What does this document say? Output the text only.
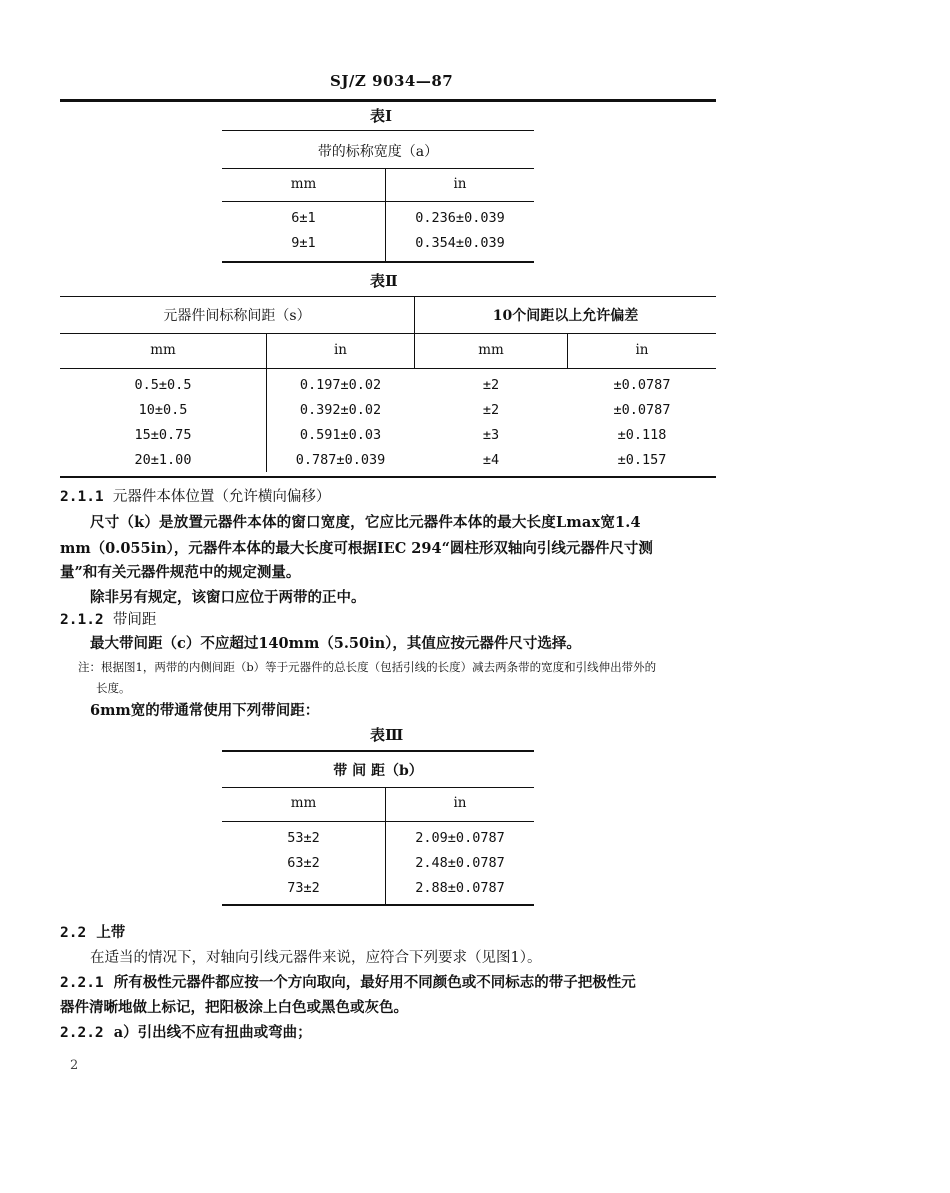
SJ/Z 9034—87
表Ⅰ
带的标称宽度（a）
mm	in
6±1	0.236±0.039
9±1	0.354±0.039
表Ⅱ
元器件间标称间距（s）	10个间距以上允许偏差
mm	in	mm	in
0.5±0.5	0.197±0.02	±2	±0.0787
10±0.5	0.392±0.02	±2	±0.0787
15±0.75	0.591±0.03	±3	±0.118
20±1.00	0.787±0.039	±4	±0.157
2.1.1 元器件本体位置（允许横向偏移）
尺寸（k）是放置元器件本体的窗口宽度，它应比元器件本体的最大长度Lmax宽1.4
mm（0.055in），元器件本体的最大长度可根据IEC 294“圆柱形双轴向引线元器件尺寸测
量”和有关元器件规范中的规定测量。
除非另有规定，该窗口应位于两带的正中。
2.1.2 带间距
最大带间距（c）不应超过140mm（5.50in），其值应按元器件尺寸选择。
注：根据图1，两带的内侧间距（b）等于元器件的总长度（包括引线的长度）减去两条带的宽度和引线伸出带外的
长度。
6mm宽的带通常使用下列带间距：
表Ⅲ
带 间 距（b）
mm	in
53±2	2.09±0.0787
63±2	2.48±0.0787
73±2	2.88±0.0787
2.2 上带
在适当的情况下，对轴向引线元器件来说，应符合下列要求（见图1）。
2.2.1 所有极性元器件都应按一个方向取向，最好用不同颜色或不同标志的带子把极性元
器件清晰地做上标记，把阳极涂上白色或黑色或灰色。
2.2.2 a）引出线不应有扭曲或弯曲；
2
